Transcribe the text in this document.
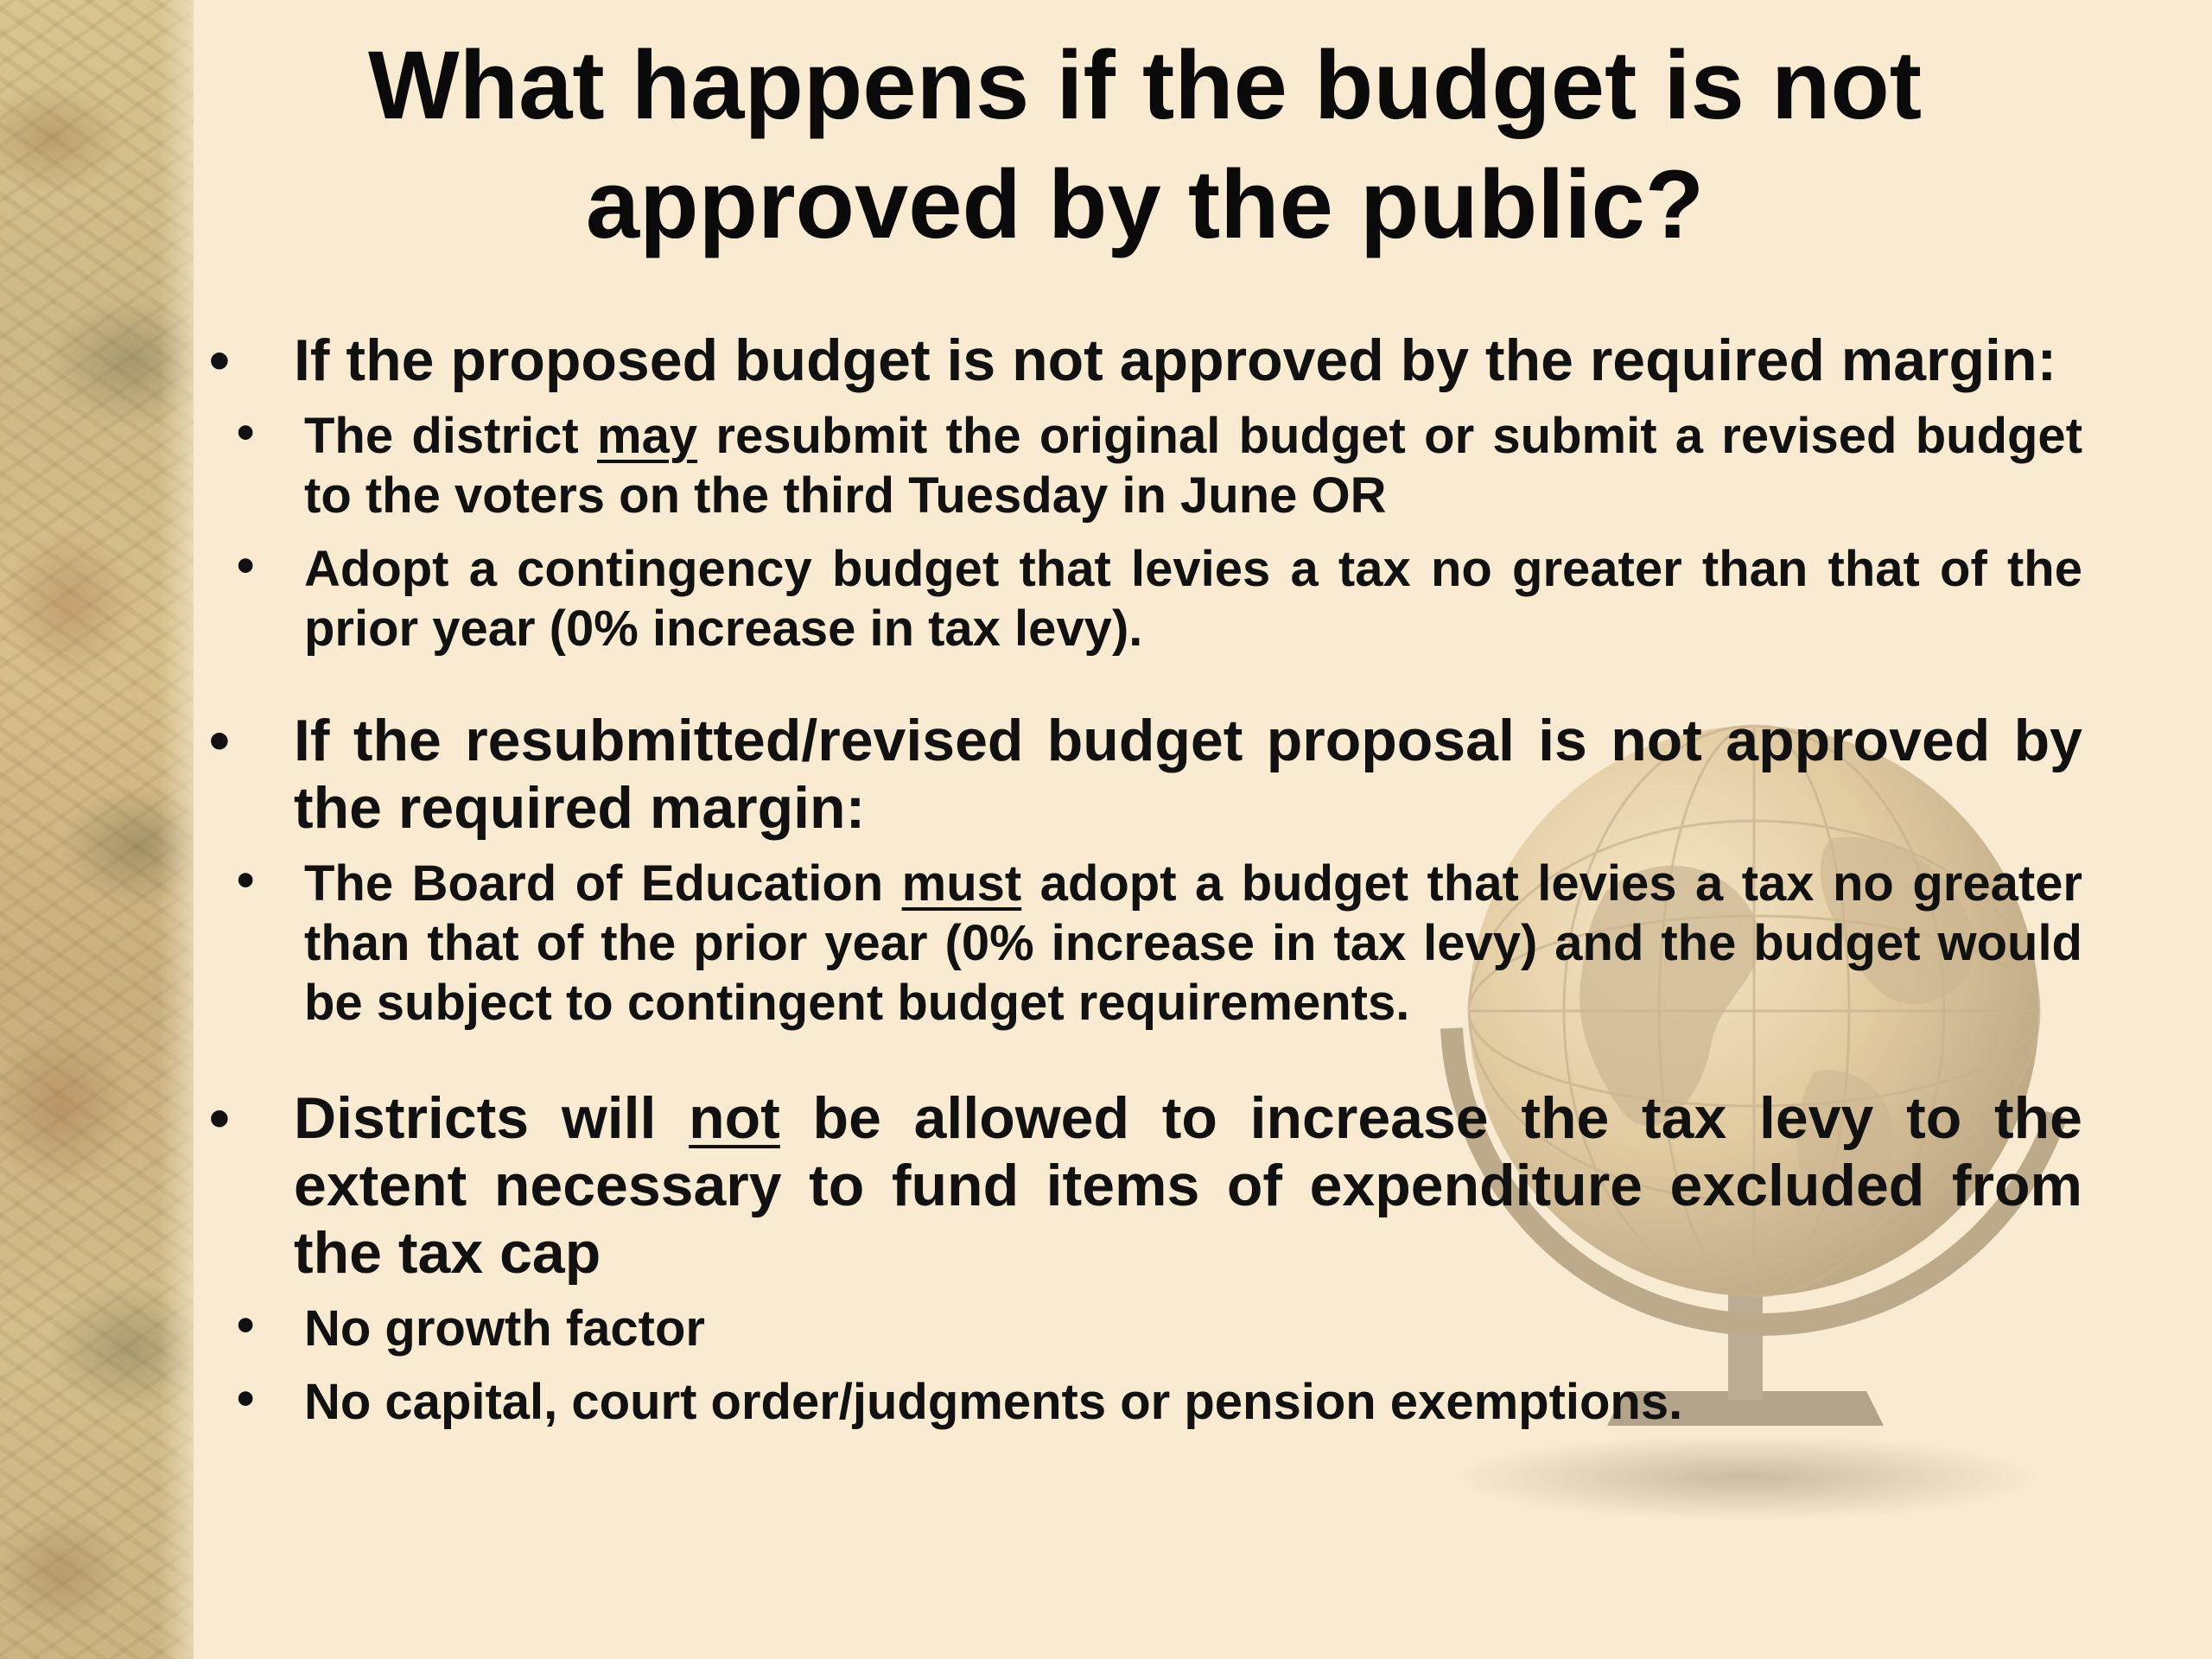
What happens if the budget is not approved by the public?
• If the proposed budget is not approved by the required margin:
• The district may resubmit the original budget or submit a revised budget to the voters on the third Tuesday in June OR
• Adopt a contingency budget that levies a tax no greater than that of the prior year (0% increase in tax levy).
• If the resubmitted/revised budget proposal is not approved by the required margin:
• The Board of Education must adopt a budget that levies a tax no greater than that of the prior year (0% increase in tax levy) and the budget would be subject to contingent budget requirements.
• Districts will not be allowed to increase the tax levy to the extent necessary to fund items of expenditure excluded from the tax cap
• No growth factor
• No capital, court order/judgments or pension exemptions.
